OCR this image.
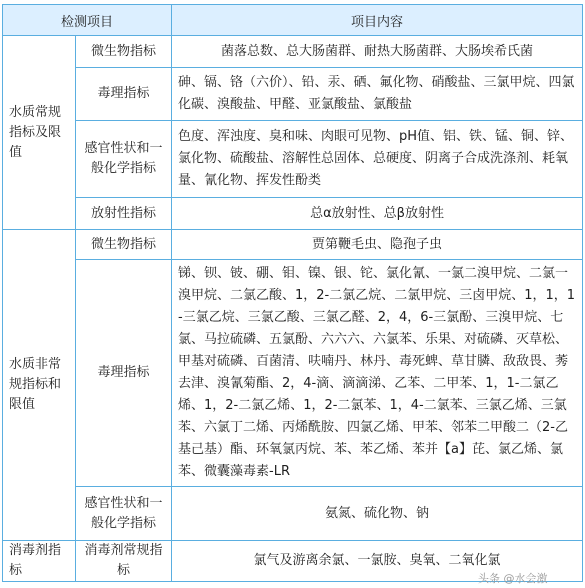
检测项目		项目内容
水质常规指标及限值	微生物指标	菌落总数、总大肠菌群、耐热大肠菌群、大肠埃希氏菌
	毒理指标	砷、镉、铬（六价）、铅、汞、硒、氟化物、硝酸盐、三氯甲烷、四氯化碳、溴酸盐、甲醛、亚氯酸盐、氯酸盐
	感官性状和一般化学指标	色度、浑浊度、臭和味、肉眼可见物、pH值、铝、铁、锰、铜、锌、氯化物、硫酸盐、溶解性总固体、总硬度、阴离子合成洗涤剂、耗氧量、氰化物、挥发性酚类
	放射性指标	总α放射性、总β放射性
水质非常规指标和限值	微生物指标	贾第鞭毛虫、隐孢子虫
	毒理指标	锑、钡、铍、硼、钼、镍、银、铊、氯化氰、一氯二溴甲烷、二氯一溴甲烷、二氯乙酸、1，2-二氯乙烷、二氯甲烷、三卤甲烷、1，1，1-三氯乙烷、三氯乙酸、三氯乙醛、2，4，6-三氯酚、三溴甲烷、七氯、马拉硫磷、五氯酚、六六六、六氯苯、乐果、对硫磷、灭草松、甲基对硫磷、百菌清、呋喃丹、林丹、毒死蜱、草甘膦、敌敌畏、莠去津、溴氰菊酯、2，4-滴、滴滴涕、乙苯、二甲苯、1，1-二氯乙烯、1，2-二氯乙烯、1，2-二氯苯、1，4-二氯苯、三氯乙烯、三氯苯、六氯丁二烯、丙烯酰胺、四氯乙烯、甲苯、邻苯二甲酸二（2-乙基己基）酯、环氧氯丙烷、苯、苯乙烯、苯并【a】芘、氯乙烯、氯苯、微囊藻毒素-LR
	感官性状和一般化学指标	氨氮、硫化物、钠
消毒剂指标	消毒剂常规指标	氯气及游离余氯、一氯胺、臭氧、二氧化氯
头条 @水会激
